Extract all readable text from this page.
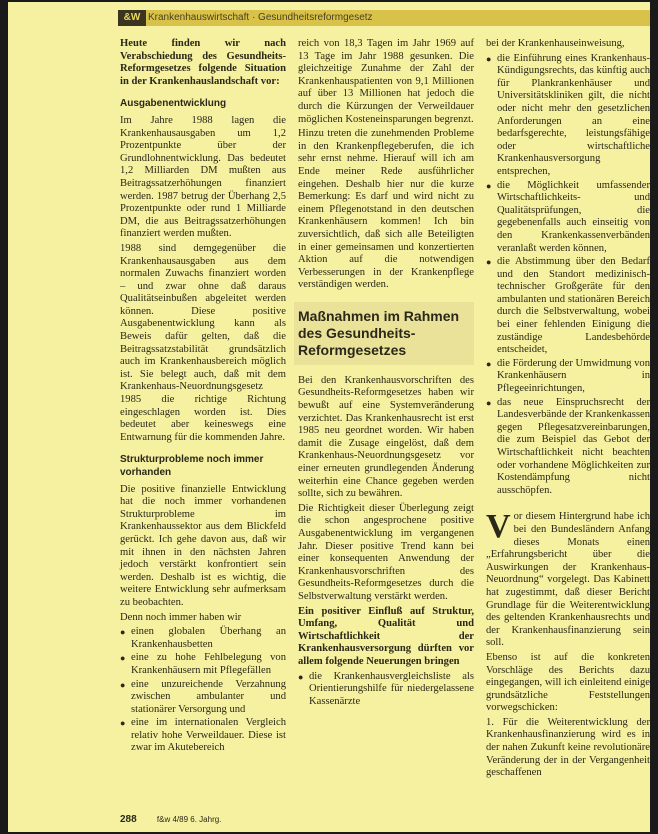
Krankenhauswirtschaft · Gesundheitsreformgesetz
&W

Heute finden wir nach Verabschiedung des Gesundheits-Reformgesetzes folgende Situation in der Krankenhauslandschaft vor:

Ausgabenentwicklung

Im Jahre 1988 lagen die Krankenhausausgaben um 1,2 Prozentpunkte über der Grundlohnentwicklung. Das bedeutet 1,2 Milliarden DM mußten aus Beitragssatzerhöhungen finanziert werden. 1987 betrug der Überhang 2,5 Prozentpunkte oder rund 1 Milliarde DM, die aus Beitragssatzerhöhungen finanziert werden mußten.

1988 sind demgegenüber die Krankenhausausgaben aus dem normalen Zuwachs finanziert worden – und zwar ohne daß daraus Qualitätseinbußen abgeleitet werden können. Diese positive Ausgabenentwicklung kann als Beweis dafür gelten, daß die Beitragssatzstabilität grundsätzlich auch im Krankenhausbereich möglich ist. Sie belegt auch, daß mit dem Krankenhaus-Neuordnungsgesetz 1985 die richtige Richtung eingeschlagen worden ist. Dies bedeutet aber keineswegs eine Entwarnung für die kommenden Jahre.

Strukturprobleme noch immer vorhanden

Die positive finanzielle Entwicklung hat die noch immer vorhandenen Strukturprobleme im Krankenhaussektor aus dem Blickfeld gerückt. Ich gehe davon aus, daß wir mit ihnen in den nächsten Jahren jedoch verstärkt konfrontiert sein werden. Deshalb ist es wichtig, die weitere Entwicklung sehr aufmerksam zu beobachten.

Denn noch immer haben wir

● einen globalen Überhang an Krankenhausbetten
● eine zu hohe Fehlbelegung von Krankenhäusern mit Pflegefällen
● eine unzureichende Verzahnung zwischen ambulanter und stationärer Versorgung und
● eine im internationalen Vergleich relativ hohe Verweildauer. Diese ist zwar im Akutebereich

reich von 18,3 Tagen im Jahr 1969 auf 13 Tage im Jahr 1988 gesunken. Die gleichzeitige Zunahme der Zahl der Krankenhauspatienten von 9,1 Millionen auf über 13 Millionen hat jedoch die durch die Kürzungen der Verweildauer möglichen Kosteneinsparungen begrenzt.

Hinzu treten die zunehmenden Probleme in den Krankenpflegeberufen, die ich sehr ernst nehme. Hierauf will ich am Ende meiner Rede ausführlicher eingehen. Deshalb hier nur die kurze Bemerkung: Es darf und wird nicht zu einem Pflegenotstand in den deutschen Krankenhäusern kommen! Ich bin zuversichtlich, daß sich alle Beteiligten in einer gemeinsamen und konzertierten Aktion auf die notwendigen Verbesserungen in der Krankenpflege verständigen werden.

Maßnahmen im Rahmen des Gesundheits-Reformgesetzes

Bei den Krankenhausvorschriften des Gesundheits-Reformgesetzes haben wir bewußt auf eine Systemveränderung verzichtet. Das Krankenhausrecht ist erst 1985 neu geordnet worden. Wir haben damit die Zusage eingelöst, daß dem Krankenhaus-Neuordnungsgesetz vor einer erneuten grundlegenden Änderung weiterhin eine Chance gegeben werden sollte, sich zu bewähren.

Die Richtigkeit dieser Überlegung zeigt die schon angesprochene positive Ausgabenentwicklung im vergangenen Jahr. Dieser positive Trend kann bei einer konsequenten Anwendung der Krankenhausvorschriften des Gesundheits-Reformgesetzes durch die Selbstverwaltung verstärkt werden.

Ein positiver Einfluß auf Struktur, Umfang, Qualität und Wirtschaftlichkeit der Krankenhausversorgung dürften vor allem folgende Neuerungen bringen

● die Krankenhausvergleichsliste als Orientierungshilfe für niedergelassene Kassenärzte

bei der Krankenhauseinweisung,

● die Einführung eines Krankenhaus-Kündigungsrechts, das künftig auch für Plankrankenhäuser und Universitätskliniken gilt, die nicht oder nicht mehr den gesetzlichen Anforderungen an eine bedarfsgerechte, leistungsfähige oder wirtschaftliche Krankenhausversorgung entsprechen,
● die Möglichkeit umfassender Wirtschaftlichkeits- und Qualitätsprüfungen, die gegebenenfalls auch einseitig von den Krankenkassenverbänden veranlaßt werden können,
● die Abstimmung über den Bedarf und den Standort medizinisch-technischer Großgeräte für den ambulanten und stationären Bereich durch die Selbstverwaltung, wobei bei einer fehlenden Einigung die zuständige Landesbehörde entscheidet,
● die Förderung der Umwidmung von Krankenhäusern in Pflegeeinrichtungen,
● das neue Einspruchsrecht der Landesverbände der Krankenkassen gegen Pflegesatzvereinbarungen, die zum Beispiel das Gebot der Wirtschaftlichkeit nicht beachten oder vorhandene Möglichkeiten zur Kostendämpfung nicht ausschöpfen.

Vor diesem Hintergrund habe ich bei den Bundesländern Anfang dieses Monats einen „Erfahrungsbericht über die Auswirkungen der Krankenhaus-Neuordnung“ vorgelegt. Das Kabinett hat zugestimmt, daß dieser Bericht Grundlage für die Weiterentwicklung des geltenden Krankenhausrechts und der Krankenhausfinanzierung sein soll.

Ebenso ist auf die konkreten Vorschläge des Berichts dazu eingegangen, will ich einleitend einige grundsätzliche Feststellungen vorwegschicken:

1. Für die Weiterentwicklung der Krankenhausfinanzierung wird es in der nahen Zukunft keine revolutionäre Veränderung der in der Vergangenheit geschaffenen

288	f&w 4/89 6. Jahrg.
